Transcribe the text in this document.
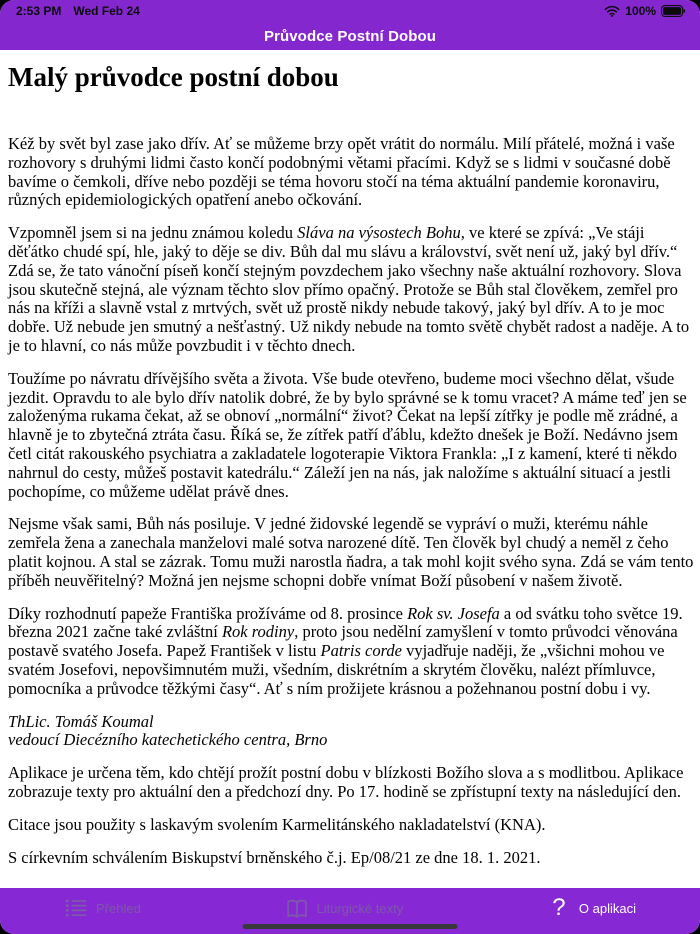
2:53 PM Wed Feb 24	100%
Průvodce Postní Dobou
Malý průvodce postní dobou

Kéž by svět byl zase jako dřív. Ať se můžeme brzy opět vrátit do normálu. Milí přátelé, možná i vaše rozhovory s druhými lidmi často končí podobnými větami přacími. Když se s lidmi v současné době bavíme o čemkoli, dříve nebo později se téma hovoru stočí na téma aktuální pandemie koronaviru, různých epidemiologických opatření anebo očkování.

Vzpomněl jsem si na jednu známou koledu Sláva na výsostech Bohu, ve které se zpívá: „Ve stáji děťátko chudé spí, hle, jaký to děje se div. Bůh dal mu slávu a království, svět není už, jaký byl dřív.“ Zdá se, že tato vánoční píseň končí stejným povzdechem jako všechny naše aktuální rozhovory. Slova jsou skutečně stejná, ale význam těchto slov přímo opačný. Protože se Bůh stal člověkem, zemřel pro nás na kříži a slavně vstal z mrtvých, svět už prostě nikdy nebude takový, jaký byl dřív. A to je moc dobře. Už nebude jen smutný a nešťastný. Už nikdy nebude na tomto světě chybět radost a naděje. A to je to hlavní, co nás může povzbudit i v těchto dnech.

Toužíme po návratu dřívějšího světa a života. Vše bude otevřeno, budeme moci všechno dělat, všude jezdit. Opravdu to ale bylo dřív natolik dobré, že by bylo správné se k tomu vracet? A máme teď jen se založenýma rukama čekat, až se obnoví „normální“ život? Čekat na lepší zítřky je podle mě zrádné, a hlavně je to zbytečná ztráta času. Říká se, že zítřek patří ďáblu, kdežto dnešek je Boží. Nedávno jsem četl citát rakouského psychiatra a zakladatele logoterapie Viktora Frankla: „I z kamení, které ti někdo nahrnul do cesty, můžeš postavit katedrálu.“ Záleží jen na nás, jak naložíme s aktuální situací a jestli pochopíme, co můžeme udělat právě dnes.

Nejsme však sami, Bůh nás posiluje. V jedné židovské legendě se vypráví o muži, kterému náhle zemřela žena a zanechala manželovi malé sotva narozené dítě. Ten člověk byl chudý a neměl z čeho platit kojnou. A stal se zázrak. Tomu muži narostla ňadra, a tak mohl kojit svého syna. Zdá se vám tento příběh neuvěřitelný? Možná jen nejsme schopni dobře vnímat Boží působení v našem životě.

Díky rozhodnutí papeže Františka prožíváme od 8. prosince Rok sv. Josefa a od svátku toho světce 19. března 2021 začne také zvláštní Rok rodiny, proto jsou nedělní zamyšlení v tomto průvodci věnována postavě svatého Josefa. Papež František v listu Patris corde vyjadřuje naději, že „všichni mohou ve svatém Josefovi, nepovšimnutém muži, všedním, diskrétním a skrytém člověku, nalézt přímluvce, pomocníka a průvodce těžkými časy“. Ať s ním prožijete krásnou a požehnanou postní dobu i vy.

ThLic. Tomáš Koumal
vedoucí Diecézního katechetického centra, Brno

Aplikace je určena těm, kdo chtějí prožít postní dobu v blízkosti Božího slova a s modlitbou. Aplikace zobrazuje texty pro aktuální den a předchozí dny. Po 17. hodině se zpřístupní texty na následující den.

Citace jsou použity s laskavým svolením Karmelitánského nakladatelství (KNA).

S církevním schválením Biskupství brněnského č.j. Ep/08/21 ze dne 18. 1. 2021.

Přehled	Liturgické texty	? O aplikaci
